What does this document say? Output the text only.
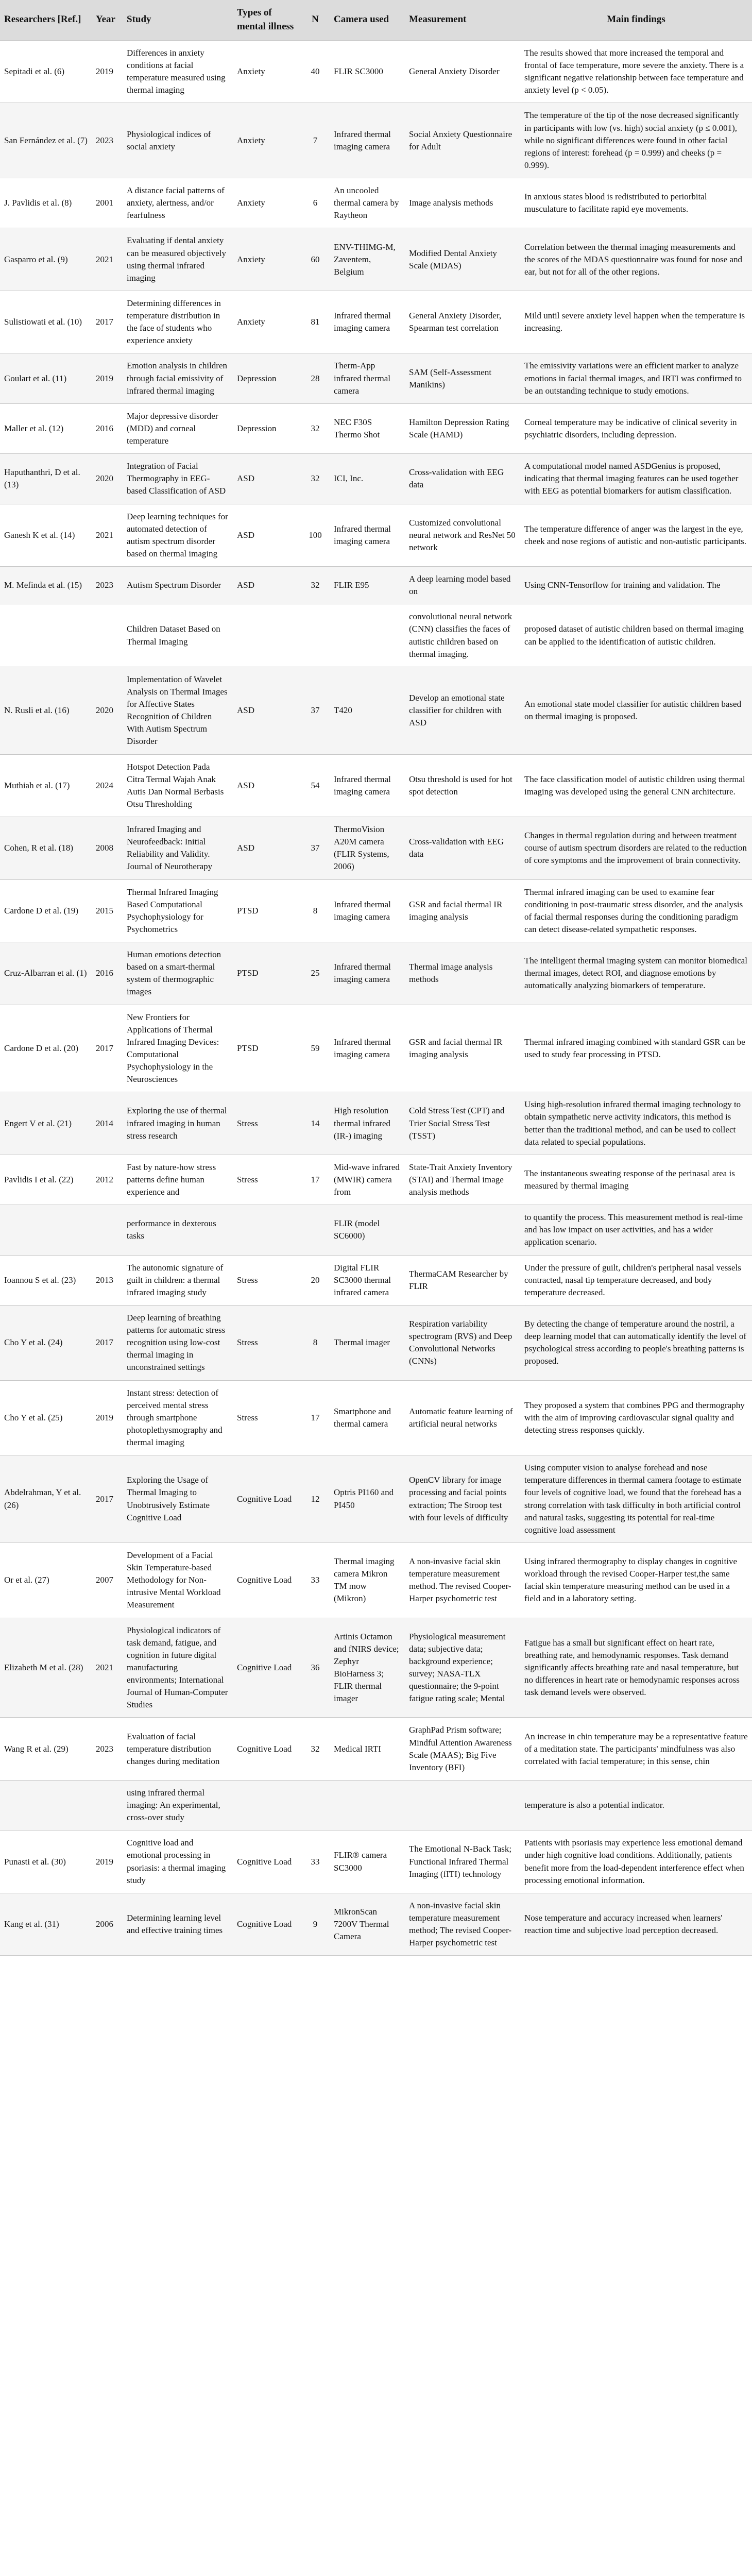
Researchers [Ref.]	Year	Study	Types of mental illness	N	Camera used	Measurement	Main findings
Sepitadi et al. (6)	2019	Differences in anxiety conditions at facial temperature measured using thermal imaging	Anxiety	40	FLIR SC3000	General Anxiety Disorder	The results showed that more increased the temporal and frontal of face temperature, more severe the anxiety. There is a significant negative relationship between face temperature and anxiety level (p < 0.05).
San Fernández et al. (7)	2023	Physiological indices of social anxiety	Anxiety	7	Infrared thermal imaging camera	Social Anxiety Questionnaire for Adult	The temperature of the tip of the nose decreased significantly in participants with low (vs. high) social anxiety (p ≤ 0.001), while no significant differences were found in other facial regions of interest: forehead (p = 0.999) and cheeks (p = 0.999).
J. Pavlidis et al. (8)	2001	A distance facial patterns of anxiety, alertness, and/or fearfulness	Anxiety	6	An uncooled thermal camera by Raytheon	Image analysis methods	In anxious states blood is redistributed to periorbital musculature to facilitate rapid eye movements.
Gasparro et al. (9)	2021	Evaluating if dental anxiety can be measured objectively using thermal infrared imaging	Anxiety	60	ENV-THIMG-M, Zaventem, Belgium	Modified Dental Anxiety Scale (MDAS)	Correlation between the thermal imaging measurements and the scores of the MDAS questionnaire was found for nose and ear, but not for all of the other regions.
Sulistiowati et al. (10)	2017	Determining differences in temperature distribution in the face of students who experience anxiety	Anxiety	81	Infrared thermal imaging camera	General Anxiety Disorder, Spearman test correlation	Mild until severe anxiety level happen when the temperature is increasing.
Goulart et al. (11)	2019	Emotion analysis in children through facial emissivity of infrared thermal imaging	Depression	28	Therm-App infrared thermal camera	SAM (Self-Assessment Manikins)	The emissivity variations were an efficient marker to analyze emotions in facial thermal images, and IRTI was confirmed to be an outstanding technique to study emotions.
Maller et al. (12)	2016	Major depressive disorder (MDD) and corneal temperature	Depression	32	NEC F30S Thermo Shot	Hamilton Depression Rating Scale (HAMD)	Corneal temperature may be indicative of clinical severity in psychiatric disorders, including depression.
Haputhanthri, D et al. (13)	2020	Integration of Facial Thermography in EEG-based Classification of ASD	ASD	32	ICI, Inc.	Cross-validation with EEG data	A computational model named ASDGenius is proposed, indicating that thermal imaging features can be used together with EEG as potential biomarkers for autism classification.
Ganesh K et al. (14)	2021	Deep learning techniques for automated detection of autism spectrum disorder based on thermal imaging	ASD	100	Infrared thermal imaging camera	Customized convolutional neural network and ResNet 50 network	The temperature difference of anger was the largest in the eye, cheek and nose regions of autistic and non-autistic participants.
M. Mefinda et al. (15)	2023	Autism Spectrum Disorder	ASD	32	FLIR E95	A deep learning model based on	Using CNN-Tensorflow for training and validation. The
		Children Dataset Based on Thermal Imaging				convolutional neural network (CNN) classifies the faces of autistic children based on thermal imaging.	proposed dataset of autistic children based on thermal imaging can be applied to the identification of autistic children.
N. Rusli et al. (16)	2020	Implementation of Wavelet Analysis on Thermal Images for Affective States Recognition of Children With Autism Spectrum Disorder	ASD	37	T420	Develop an emotional state classifier for children with ASD	An emotional state model classifier for autistic children based on thermal imaging is proposed.
Muthiah et al. (17)	2024	Hotspot Detection Pada Citra Termal Wajah Anak Autis Dan Normal Berbasis Otsu Thresholding	ASD	54	Infrared thermal imaging camera	Otsu threshold is used for hot spot detection	The face classification model of autistic children using thermal imaging was developed using the general CNN architecture.
Cohen, R et al. (18)	2008	Infrared Imaging and Neurofeedback: Initial Reliability and Validity. Journal of Neurotherapy	ASD	37	ThermoVision A20M camera (FLIR Systems, 2006)	Cross-validation with EEG data	Changes in thermal regulation during and between treatment course of autism spectrum disorders are related to the reduction of core symptoms and the improvement of brain connectivity.
Cardone D et al. (19)	2015	Thermal Infrared Imaging Based Computational Psychophysiology for Psychometrics	PTSD	8	Infrared thermal imaging camera	GSR and facial thermal IR imaging analysis	Thermal infrared imaging can be used to examine fear conditioning in post-traumatic stress disorder, and the analysis of facial thermal responses during the conditioning paradigm can detect disease-related sympathetic responses.
Cruz-Albarran et al. (1)	2016	Human emotions detection based on a smart-thermal system of thermographic images	PTSD	25	Infrared thermal imaging camera	Thermal image analysis methods	The intelligent thermal imaging system can monitor biomedical thermal images, detect ROI, and diagnose emotions by automatically analyzing biomarkers of temperature.
Cardone D et al. (20)	2017	New Frontiers for Applications of Thermal Infrared Imaging Devices: Computational Psychophysiology in the Neurosciences	PTSD	59	Infrared thermal imaging camera	GSR and facial thermal IR imaging analysis	Thermal infrared imaging combined with standard GSR can be used to study fear processing in PTSD.
Engert V et al. (21)	2014	Exploring the use of thermal infrared imaging in human stress research	Stress	14	High resolution thermal infrared (IR-) imaging	Cold Stress Test (CPT) and Trier Social Stress Test (TSST)	Using high-resolution infrared thermal imaging technology to obtain sympathetic nerve activity indicators, this method is better than the traditional method, and can be used to collect data related to special populations.
Pavlidis I et al. (22)	2012	Fast by nature-how stress patterns define human experience and	Stress	17	Mid-wave infrared (MWIR) camera from	State-Trait Anxiety Inventory (STAI) and Thermal image analysis methods	The instantaneous sweating response of the perinasal area is measured by thermal imaging
		performance in dexterous tasks			FLIR (model SC6000)		to quantify the process. This measurement method is real-time and has low impact on user activities, and has a wider application scenario.
Ioannou S et al. (23)	2013	The autonomic signature of guilt in children: a thermal infrared imaging study	Stress	20	Digital FLIR SC3000 thermal infrared camera	ThermaCAM Researcher by FLIR	Under the pressure of guilt, children's peripheral nasal vessels contracted, nasal tip temperature decreased, and body temperature decreased.
Cho Y et al. (24)	2017	Deep learning of breathing patterns for automatic stress recognition using low-cost thermal imaging in unconstrained settings	Stress	8	Thermal imager	Respiration variability spectrogram (RVS) and Deep Convolutional Networks (CNNs)	By detecting the change of temperature around the nostril, a deep learning model that can automatically identify the level of psychological stress according to people's breathing patterns is proposed.
Cho Y et al. (25)	2019	Instant stress: detection of perceived mental stress through smartphone photoplethysmography and thermal imaging	Stress	17	Smartphone and thermal camera	Automatic feature learning of artificial neural networks	They proposed a system that combines PPG and thermography with the aim of improving cardiovascular signal quality and detecting stress responses quickly.
Abdelrahman, Y et al. (26)	2017	Exploring the Usage of Thermal Imaging to Unobtrusively Estimate Cognitive Load	Cognitive Load	12	Optris PI160 and PI450	OpenCV library for image processing and facial points extraction; The Stroop test with four levels of difficulty	Using computer vision to analyse forehead and nose temperature differences in thermal camera footage to estimate four levels of cognitive load, we found that the forehead has a strong correlation with task difficulty in both artificial control and natural tasks, suggesting its potential for real-time cognitive load assessment
Or et al. (27)	2007	Development of a Facial Skin Temperature-based Methodology for Non-intrusive Mental Workload Measurement	Cognitive Load	33	Thermal imaging camera Mikron TM mow (Mikron)	A non-invasive facial skin temperature measurement method. The revised Cooper-Harper psychometric test	Using infrared thermography to display changes in cognitive workload through the revised Cooper-Harper test,the same facial skin temperature measuring method can be used in a field and in a laboratory setting.
Elizabeth M et al. (28)	2021	Physiological indicators of task demand, fatigue, and cognition in future digital manufacturing environments; International Journal of Human-Computer Studies	Cognitive Load	36	Artinis Octamon and fNIRS device; Zephyr BioHarness 3; FLIR thermal imager	Physiological measurement data; subjective data; background experience; survey; NASA-TLX questionnaire; the 9-point fatigue rating scale; Mental	Fatigue has a small but significant effect on heart rate, breathing rate, and hemodynamic responses. Task demand significantly affects breathing rate and nasal temperature, but no differences in heart rate or hemodynamic responses across task demand levels were observed.
Wang R et al. (29)	2023	Evaluation of facial temperature distribution changes during meditation	Cognitive Load	32	Medical IRTI	GraphPad Prism software; Mindful Attention Awareness Scale (MAAS); Big Five Inventory (BFI)	An increase in chin temperature may be a representative feature of a meditation state. The participants' mindfulness was also correlated with facial temperature; in this sense, chin
		using infrared thermal imaging: An experimental, cross-over study					temperature is also a potential indicator.
Punasti et al. (30)	2019	Cognitive load and emotional processing in psoriasis: a thermal imaging study	Cognitive Load	33	FLIR® camera SC3000	The Emotional N-Back Task; Functional Infrared Thermal Imaging (fITI) technology	Patients with psoriasis may experience less emotional demand under high cognitive load conditions. Additionally, patients benefit more from the load-dependent interference effect when processing emotional information.
Kang et al. (31)	2006	Determining learning level and effective training times	Cognitive Load	9	MikronScan 7200V Thermal Camera	A non-invasive facial skin temperature measurement method; The revised Cooper-Harper psychometric test	Nose temperature and accuracy increased when learners' reaction time and subjective load perception decreased.
